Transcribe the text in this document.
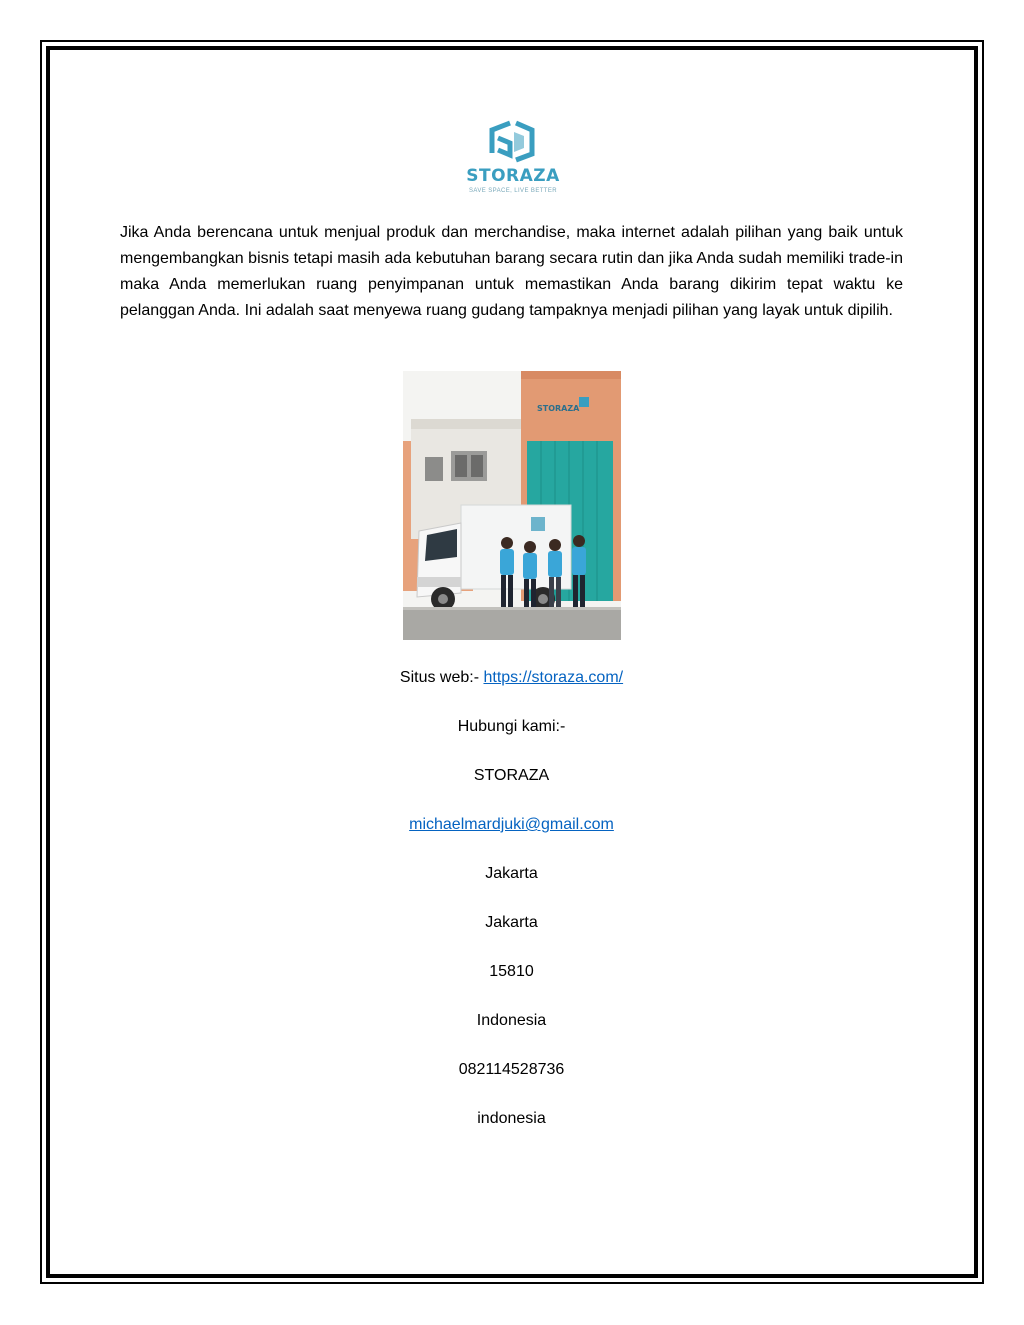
STORAZA
SAVE SPACE, LIVE BETTER

Jika Anda berencana untuk menjual produk dan merchandise, maka internet adalah pilihan yang baik untuk mengembangkan bisnis tetapi masih ada kebutuhan barang secara rutin dan jika Anda sudah memiliki trade-in maka Anda memerlukan ruang penyimpanan untuk memastikan Anda barang dikirim tepat waktu ke pelanggan Anda. Ini adalah saat menyewa ruang gudang tampaknya menjadi pilihan yang layak untuk dipilih.

STORAZA
Situs web:- https://storaza.com/
Hubungi kami:-
STORAZA
michaelmardjuki@gmail.com
Jakarta
Jakarta
15810
Indonesia
082114528736
indonesia
